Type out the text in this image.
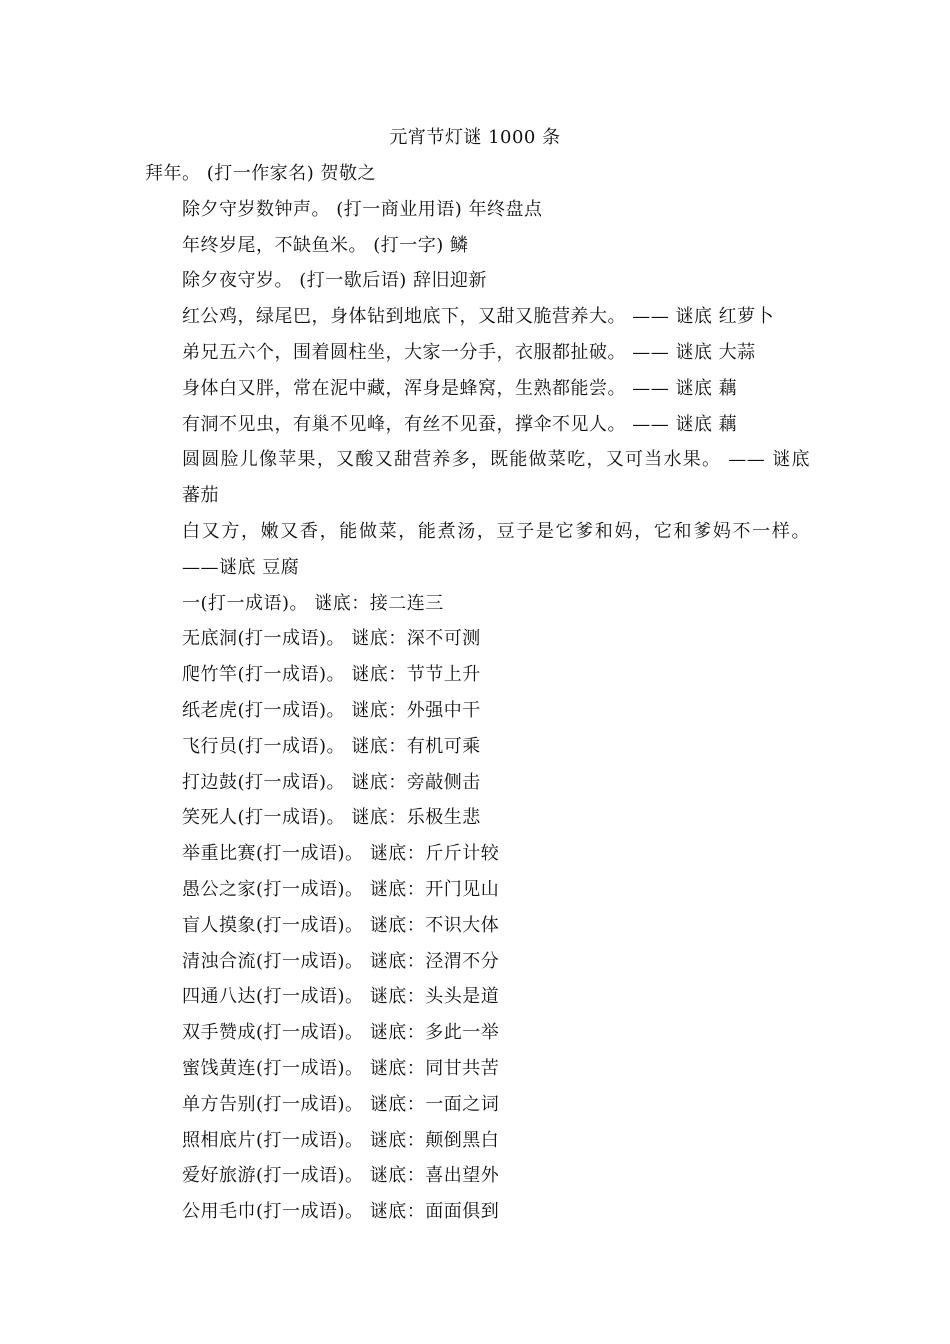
元宵节灯谜 1000 条
拜年。 (打一作家名) 贺敬之
除夕守岁数钟声。 (打一商业用语) 年终盘点
年终岁尾，不缺鱼米。 (打一字) 鳞
除夕夜守岁。 (打一歇后语) 辞旧迎新
红公鸡，绿尾巴，身体钻到地底下，又甜又脆营养大。 —— 谜底 红萝卜
弟兄五六个，围着圆柱坐，大家一分手，衣服都扯破。 —— 谜底 大蒜
身体白又胖，常在泥中藏，浑身是蜂窝，生熟都能尝。 —— 谜底 藕
有洞不见虫，有巢不见峰，有丝不见蚕，撑伞不见人。 —— 谜底 藕
圆圆脸儿像苹果，又酸又甜营养多，既能做菜吃，又可当水果。 —— 谜底 蕃茄
白又方，嫩又香，能做菜，能煮汤，豆子是它爹和妈，它和爹妈不一样。——谜底 豆腐
一(打一成语)。 谜底：接二连三
无底洞(打一成语)。 谜底：深不可测
爬竹竿(打一成语)。 谜底：节节上升
纸老虎(打一成语)。 谜底：外强中干
飞行员(打一成语)。 谜底：有机可乘
打边鼓(打一成语)。 谜底：旁敲侧击
笑死人(打一成语)。 谜底：乐极生悲
举重比赛(打一成语)。 谜底：斤斤计较
愚公之家(打一成语)。 谜底：开门见山
盲人摸象(打一成语)。 谜底：不识大体
清浊合流(打一成语)。 谜底：泾渭不分
四通八达(打一成语)。 谜底：头头是道
双手赞成(打一成语)。 谜底：多此一举
蜜饯黄连(打一成语)。 谜底：同甘共苦
单方告别(打一成语)。 谜底：一面之词
照相底片(打一成语)。 谜底：颠倒黑白
爱好旅游(打一成语)。 谜底：喜出望外
公用毛巾(打一成语)。 谜底：面面俱到
